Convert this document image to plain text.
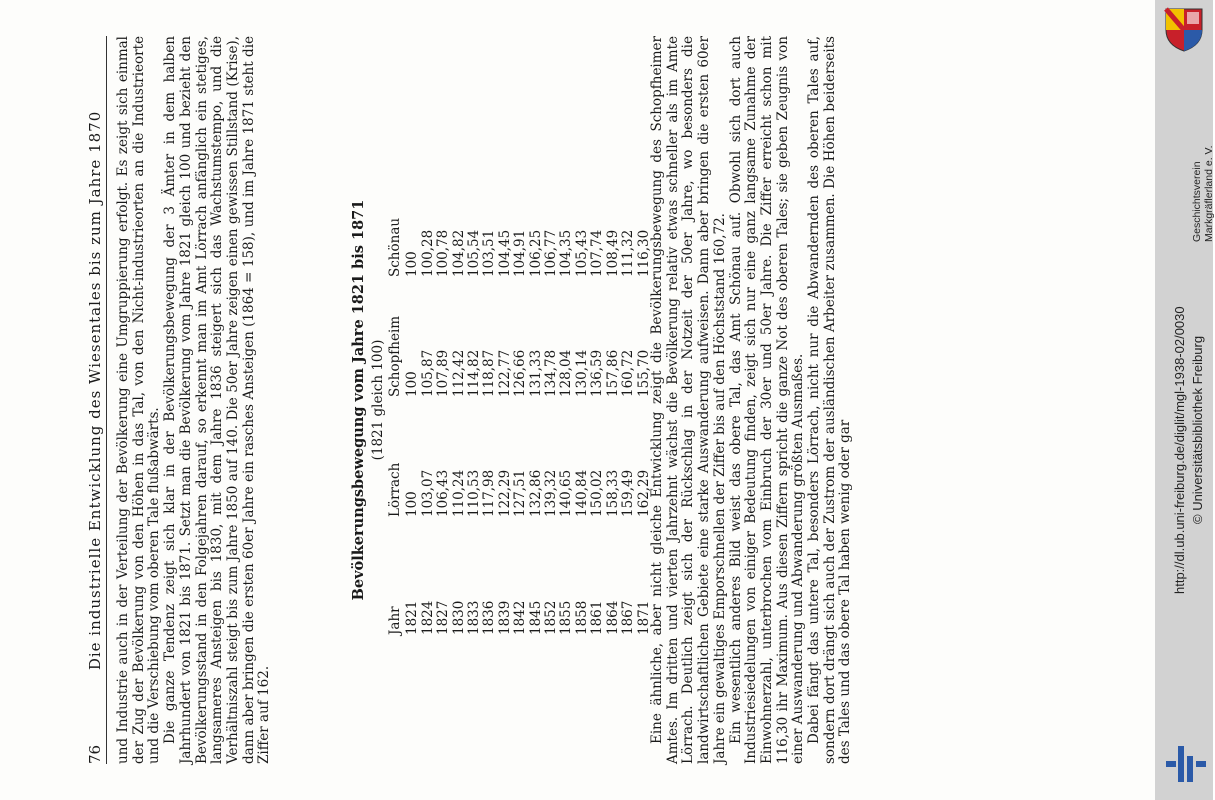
76
Die industrielle Entwicklung des Wiesentales bis zum Jahre 1870 und Industrie auch in der Verteilung der Bevölkerung eine Umgruppierung erfolgt. Es zeigt sich einmal der Zug der Bevölkerung von den Höhen in das Tal, von den Nicht-industrieorten an die Industrieorte und die Verschiebung vom oberen Tale flußabwärts. Die ganze Tendenz zeigt sich klar in der Bevölkerungsbewegung der 3 Ämter in dem halben Jahrhundert von 1821 bis 1871. Setzt man die Bevölkerung vom Jahre 1821 gleich 100 und bezieht den Bevölkerungsstand in den Folgejahren darauf, so erkennt man im Amt Lörrach anfänglich ein stetiges, langsameres Ansteigen bis 1830, mit dem Jahre 1836 steigert sich das Wachstumstempo, und die Verhältniszahl steigt bis zum Jahre 1850 auf 140. Die 50er Jahre zeigen einen gewissen Stillstand (Krise), dann aber bringen die ersten 60er Jahre ein rasches Ansteigen (1864 = 158), und im Jahre 1871 steht die Ziffer auf 162.

Bevölkerungsbewegung vom Jahre 1821 bis 1871 (1821 gleich 100)
Jahr	Lörrach	Schopfheim	Schönau
1821	100	100	100
1824	103,07	105,87	100,28
1827	106,43	107,89	100,78
1830	110,24	112,42	104,82
1833	110,53	114,82	105,54
1836	117,98	118,87	103,51
1839	122,29	122,77	104,45
1842	127,51	126,66	104,91
1845	132,86	131,33	106,25
1852	139,32	134,78	106,77
1855	140,65	128,04	104,35
1858	140,84	130,14	105,43
1861	150,02	136,59	107,74
1864	158,33	157,86	108,49
1867	159,49	160,72	111,32
1871	162,29	155,70	116,30

Eine ähnliche, aber nicht gleiche Entwicklung zeigt die Bevölkerungsbewegung des Schopfheimer Amtes. Im dritten und vierten Jahrzehnt wächst die Bevölkerung relativ etwas schneller als im Amte Lörrach. Deutlich zeigt sich der Rückschlag in der Notzeit der 50er Jahre, wo besonders die landwirtschaftlichen Gebiete eine starke Auswanderung aufweisen. Dann aber bringen die ersten 60er Jahre ein gewaltiges Emporschnellen der Ziffer bis auf den Höchststand 160,72. Ein wesentlich anderes Bild weist das obere Tal, das Amt Schönau auf. Obwohl sich dort auch Industriesiedelungen von einiger Bedeutung finden, zeigt sich nur eine ganz langsame Zunahme der Einwohnerzahl, unterbrochen vom Einbruch der 30er und 50er Jahre. Die Ziffer erreicht schon mit 116,30 ihr Maximum. Aus diesen Ziffern spricht die ganze Not des oberen Tales; sie geben Zeugnis von einer Auswanderung und Abwanderung größten Ausmaßes. Dabei fängt das untere Tal, besonders Lörrach, nicht nur die Abwandernden des oberen Tales auf, sondern dort drängt sich auch der Zustrom der ausländischen Arbeiter zusammen. Die Höhen beiderseits des Tales und das obere Tal haben wenig oder gar

Geschichtsverein Markgräflerland e. V.
http://dl.ub.uni-freiburg.de/diglit/mgl-1938-02/0030 © Universitätsbibliothek Freiburg
